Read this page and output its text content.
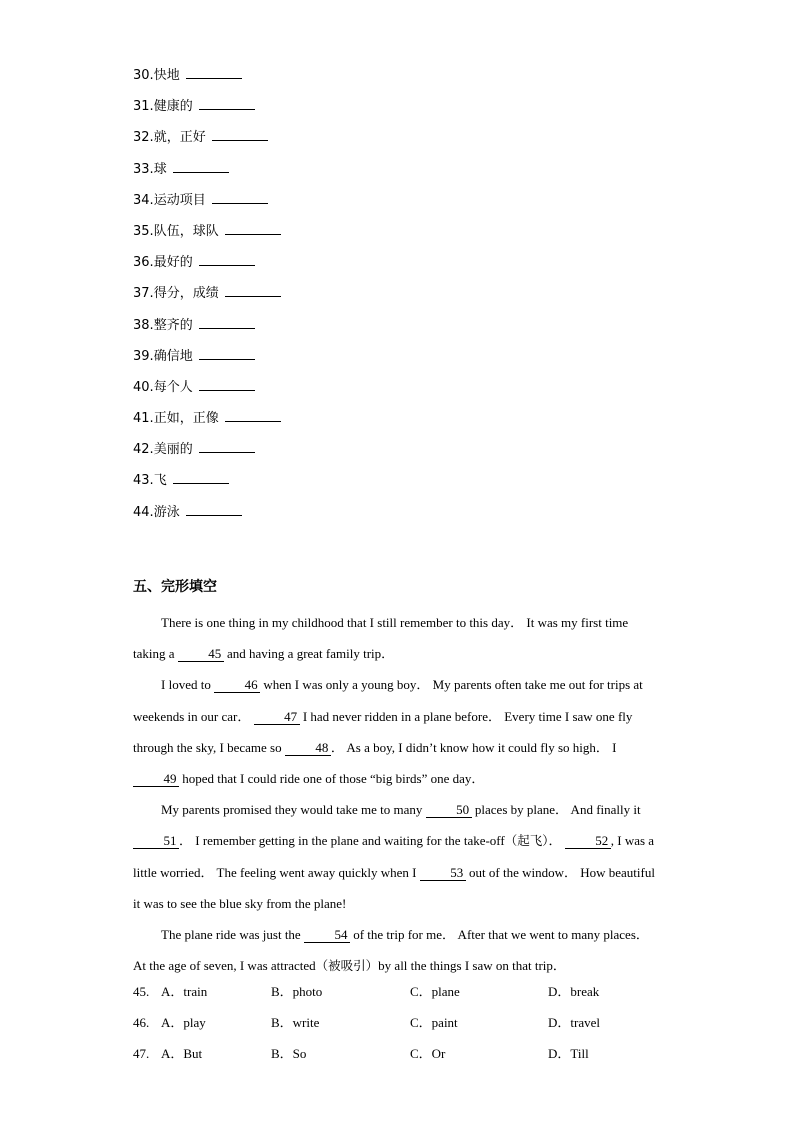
30.快地
31.健康的
32.就，正好
33.球
34.运动项目
35.队伍，球队
36.最好的
37.得分，成绩
38.整齐的
39.确信地
40.每个人
41.正如，正像
42.美丽的
43.飞
44.游泳
五、完形填空

There is one thing in my childhood that I still remember to this day． It was my first time taking a 45 and having a great family trip．

I loved to 46 when I was only a young boy． My parents often take me out for trips at weekends in our car． 47 I had never ridden in a plane before． Every time I saw one fly through the sky, I became so 48 ． As a boy, I didn’t know how it could fly so high． I 49 hoped that I could ride one of those “big birds” one day．

My parents promised they would take me to many 50 places by plane． And finally it 51 ． I remember getting in the plane and waiting for the take-off（起飞）． 52 , I was a little worried． The feeling went away quickly when I 53 out of the window． How beautiful it was to see the blue sky from the plane!

The plane ride was just the 54 of the trip for me． After that we went to many places． At the age of seven, I was attracted（被吸引）by all the things I saw on that trip．

45. A．train	B．photo	C．plane	D．break
46. A．play	B．write	C．paint	D．travel
47. A．But	B．So	C．Or	D．Till
